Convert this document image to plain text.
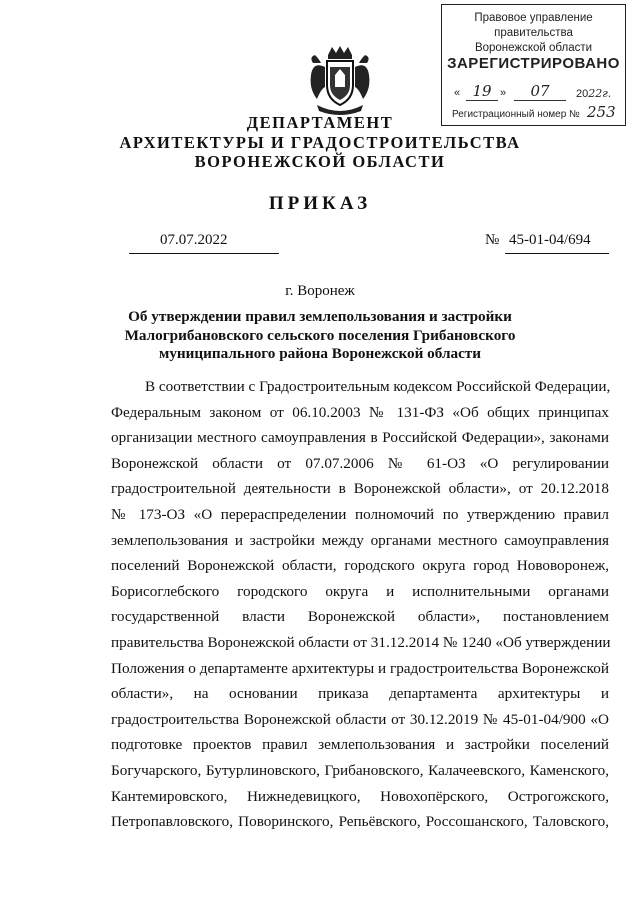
Правовое управление правительства
Воронежской области
ЗАРЕГИСТРИРОВАНО
« 19 »	07	2022г.
Регистрационный номер № 253
ДЕПАРТАМЕНТ
АРХИТЕКТУРЫ И ГРАДОСТРОИТЕЛЬСТВА
ВОРОНЕЖСКОЙ ОБЛАСТИ
ПРИКАЗ
07.07.2022	№ 45-01-04/694
г. Воронеж
Об утверждении правил землепользования и застройки
Малогрибановского сельского поселения Грибановского
муниципального района Воронежской области
В соответствии с Градостроительным кодексом Российской Федерации,
Федеральным законом от 06.10.2003 № 131-ФЗ «Об общих принципах
организации местного самоуправления в Российской Федерации», законами
Воронежской области от 07.07.2006 № 61-ОЗ «О регулировании
градостроительной деятельности в Воронежской области», от 20.12.2018
№ 173-ОЗ «О перераспределении полномочий по утверждению правил
землепользования и застройки между органами местного самоуправления
поселений Воронежской области, городского округа город Нововоронеж,
Борисоглебского городского округа и исполнительными органами
государственной власти Воронежской области», постановлением
правительства Воронежской области от 31.12.2014 № 1240 «Об утверждении
Положения о департаменте архитектуры и градостроительства Воронежской
области», на основании приказа департамента архитектуры и
градостроительства Воронежской области от 30.12.2019 № 45-01-04/900 «О
подготовке проектов правил землепользования и застройки поселений
Богучарского, Бутурлиновского, Грибановского, Калачеевского, Каменского,
Кантемировского, Нижнедевицкого, Новохопёрского, Острогожского,
Петропавловского, Поворинского, Репьёвского, Россошанского, Таловского,
